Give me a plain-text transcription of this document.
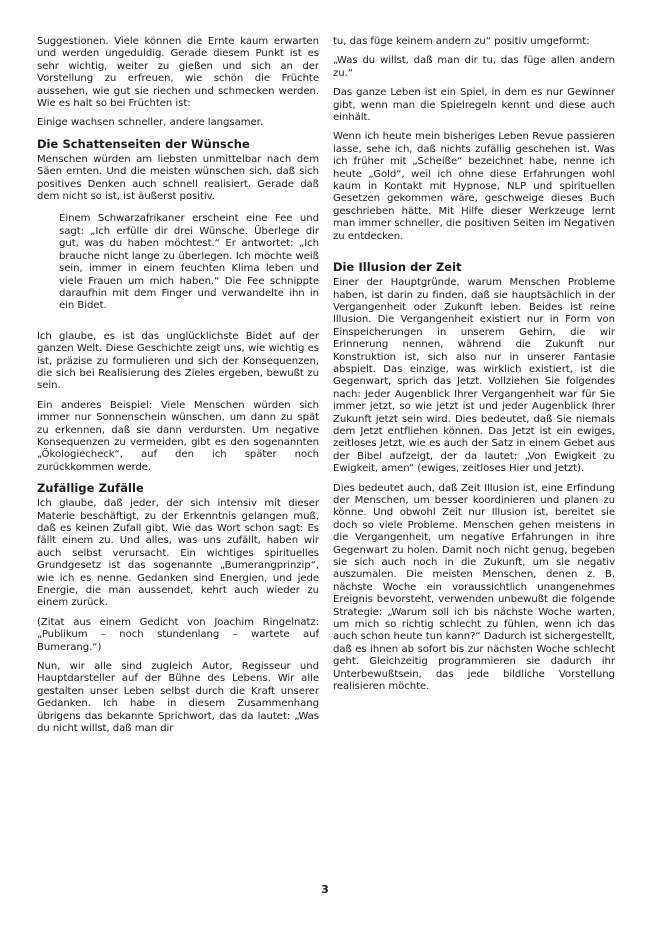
Suggestionen. Viele können die Ernte kaum erwarten und werden ungeduldig. Gerade diesem Punkt ist es sehr wichtig, weiter zu gießen und sich an der Vorstellung zu erfreuen, wie schön die Früchte aussehen, wie gut sie riechen und schmecken werden. Wie es halt so bei Früchten ist:

Einige wachsen schneller, andere langsamer.

Die Schattenseiten der Wünsche

Menschen würden am liebsten unmittelbar nach dem Säen ernten. Und die meisten wünschen sich, daß sich positives Denken auch schnell realisiert. Gerade daß dem nicht so ist, ist äußerst positiv.

Einem Schwarzafrikaner erscheint eine Fee und sagt: „Ich erfülle dir drei Wünsche. Überlege dir gut, was du haben möchtest.“ Er antwortet: „Ich brauche nicht lange zu überlegen. Ich möchte weiß sein, immer in einem feuchten Klima leben und viele Frauen um mich haben.“ Die Fee schnippte daraufhin mit dem Finger und verwandelte ihn in ein Bidet.

Ich glaube, es ist das unglücklichste Bidet auf der ganzen Welt. Diese Geschichte zeigt uns, wie wichtig es ist, präzise zu formulieren und sich der Konsequenzen, die sich bei Realisierung des Zieles ergeben, bewußt zu sein.

Ein anderes Beispiel: Viele Menschen würden sich immer nur Sonnenschein wünschen, um dann zu spät zu erkennen, daß sie dann verdursten. Um negative Konsequenzen zu vermeiden, gibt es den sogenannten „Ökologiecheck“, auf den ich später noch zurückkommen werde.

Zufällige Zufälle

Ich glaube, daß jeder, der sich intensiv mit dieser Materie beschäftigt, zu der Erkenntnis gelangen muß, daß es keinen Zufall gibt. Wie das Wort schon sagt: Es fällt einem zu. Und alles, was uns zufällt, haben wir auch selbst verursacht. Ein wichtiges spirituelles Grundgesetz ist das sogenannte „Bumerangprinzip“, wie ich es nenne. Gedanken sind Energien, und jede Energie, die man aussendet, kehrt auch wieder zu einem zurück.

(Zitat aus einem Gedicht von Joachim Ringelnatz: „Publikum – noch stundenlang – wartete auf Bumerang.“)

Nun, wir alle sind zugleich Autor, Regisseur und Hauptdarsteller auf der Bühne des Lebens. Wir alle gestalten unser Leben selbst durch die Kraft unserer Gedanken. Ich habe in diesem Zusammenhang übrigens das bekannte Sprichwort, das da lautet: „Was du nicht willst, daß man dir

tu, das füge keinem andern zu“ positiv umgeformt:

„Was du willst, daß man dir tu, das füge allen andern zu.“

Das ganze Leben ist ein Spiel, in dem es nur Gewinner gibt, wenn man die Spielregeln kennt und diese auch einhält.

Wenn ich heute mein bisheriges Leben Revue passieren lasse, sehe ich, daß nichts zufällig geschehen ist. Was ich früher mit „Scheiße“ bezeichnet habe, nenne ich heute „Gold“, weil ich ohne diese Erfahrungen wohl kaum in Kontakt mit Hypnose, NLP und spirituellen Gesetzen gekommen wäre, geschweige dieses Buch geschrieben hätte. Mit Hilfe dieser Werkzeuge lernt man immer schneller, die positiven Seiten im Negativen zu entdecken.

Die Illusion der Zeit

Einer der Hauptgründe, warum Menschen Probleme haben, ist darin zu finden, daß sie hauptsächlich in der Vergangenheit oder Zukunft leben. Beides ist reine Illusion. Die Vergangenheit existiert nur in Form von Einspeicherungen in unserem Gehirn, die wir Erinnerung nennen, während die Zukunft nur Konstruktion ist, sich also nur in unserer Fantasie abspielt. Das einzige, was wirklich existiert, ist die Gegenwart, sprich das Jetzt. Vollziehen Sie folgendes nach: Jeder Augenblick Ihrer Vergangenheit war für Sie immer jetzt, so wie jetzt ist und jeder Augenblick Ihrer Zukunft jetzt sein wird. Dies bedeutet, daß Sie niemals dem Jetzt entfliehen können. Das Jetzt ist ein ewiges, zeitloses Jetzt, wie es auch der Satz in einem Gebet aus der Bibel aufzeigt, der da lautet: „Von Ewigkeit zu Ewigkeit, amen“ (ewiges, zeitloses Hier und Jetzt).

Dies bedeutet auch, daß Zeit Illusion ist, eine Erfindung der Menschen, um besser koordinieren und planen zu könne. Und obwohl Zeit nur Illusion ist, bereitet sie doch so viele Probleme. Menschen gehen meistens in die Vergangenheit, um negative Erfahrungen in ihre Gegenwart zu holen. Damit noch nicht genug, begeben sie sich auch noch in die Zukunft, um sie negativ auszumalen. Die meisten Menschen, denen z. B. nächste Woche ein voraussichtlich unangenehmes Ereignis bevorsteht, verwenden unbewußt die folgende Strategie: „Warum soll ich bis nächste Woche warten, um mich so richtig schlecht zu fühlen, wenn ich das auch schon heute tun kann?“ Dadurch ist sichergestellt, daß es ihnen ab sofort bis zur nächsten Woche schlecht geht. Gleichzeitig programmieren sie dadurch ihr Unterbewußtsein, das jede bildliche Vorstellung realisieren möchte.

3
